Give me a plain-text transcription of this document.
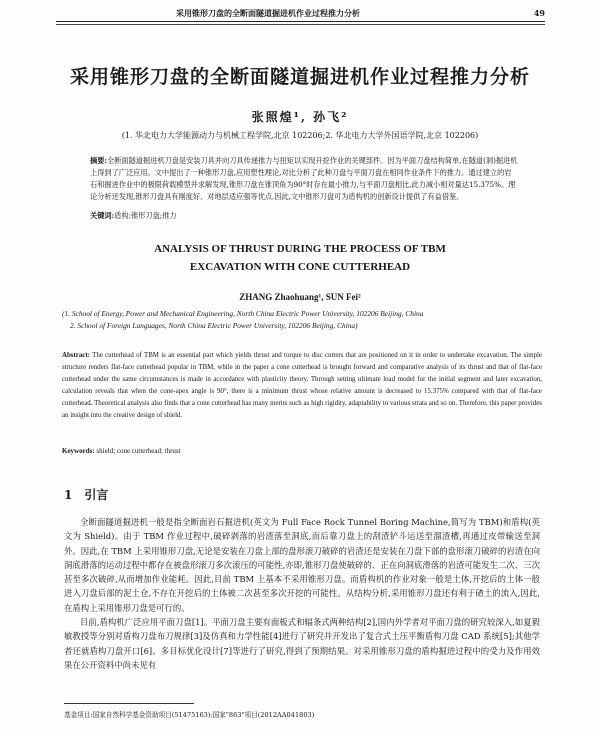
采用锥形刀盘的全断面隧道掘进机作业过程推力分析	49
采用锥形刀盘的全断面隧道掘进机作业过程推力分析
张照煌¹, 孙飞²
(1. 华北电力大学能源动力与机械工程学院,北京 102206;2. 华北电力大学外国语学院,北京 102206)
摘要:全断面隧道掘进机刀盘是安装刀具并向刀具传递推力与扭矩以实现开挖作业的关键部件。因为平面刀盘结构简单,在隧道(洞)掘进机上得到了广泛应用。文中提出了一种锥形刀盘,应用塑性理论,对比分析了此种刀盘与平面刀盘在相同作业条件下的推力。通过建立的岩石和掘进作业中的极限荷载模型并求解发现,锥形刀盘在锥顶角为90°时存在最小推力,与平面刀盘相比,此力减小相对量达15.375%。理论分析还发现,锥形刀盘具有刚度好、对地层适应强等优点,因此,文中锥形刀盘可为盾构机的创新设计提供了有益借鉴。
关键词:盾构;锥形刀盘;推力
ANALYSIS OF THRUST DURING THE PROCESS OF TBM
EXCAVATION WITH CONE CUTTERHEAD
ZHANG Zhaohuang¹, SUN Fei²
(1. School of Energy, Power and Mechanical Engineering, North China Electric Power University, 102206 Beijing, China
2. School of Foreign Languages, North China Electric Power University, 102206 Beijing, China)
Abstract: The cutterhead of TBM is an essential part which yields thrust and torque to disc cutters that are positioned on it in order to undertake excavation. The simple structure renders flat-face cutterhead popular in TBM, while in the paper a cone cutterhead is brought forward and comparative analysis of its thrust and that of flat-face cutterhead under the same circumstances is made in accordance with plasticity theory. Through setting ultimate load model for the initial segment and later excavation, calculation reveals that when the cone-apex angle is 90°, there is a minimum thrust whose relative amount is decreased to 15.375% compared with that of flat-face cutterhead. Theoretical analysis also finds that a cone cutterhead has many merits such as high rigidity, adaptability to various strata and so on. Therefore, this paper provides an insight into the creative design of shield.
Keywords: shield; cone cutterhead; thrust
1 引言

全断面隧道掘进机一般是指全断面岩石掘进机(英文为 Full Face Rock Tunnel Boring Machine,简写为 TBM)和盾构(英文为 Shield)。由于 TBM 作业过程中,破碎剥落的岩渣落至洞底,而后靠刀盘上的刮渣铲斗运送至溜渣槽,再通过皮带输送至洞外。因此,在 TBM 上采用锥形刀盘,无论是安装在刀盘上部的盘形滚刀破碎的岩渣还是安装在刀盘下部的盘形滚刀破碎的岩渣在向洞底滑落的运动过程中都存在被盘形滚刀多次滚压的可能性,亦即,锥形刀盘使破碎的、正在向洞底滑落的岩渣可能发生二次、三次甚至多次破碎,从而增加作业能耗。因此,目前 TBM 上基本不采用锥形刀盘。而盾构机的作业对象一般是土体,开挖后的土体一般进入刀盘后部的泥土仓,不存在开挖后的土体被二次甚至多次开挖的可能性。从结构分析,采用锥形刀盘还有利于碴土的流入,因此,在盾构上采用锥形刀盘是可行的。

目前,盾构机广泛应用平面刀盘[1]。平面刀盘主要有面板式和辐条式两种结构[2],国内外学者对平面刀盘的研究较深入,如夏毅敏教授等分别对盾构刀盘布刀规律[3]及仿真和力学性能[4]进行了研究并开发出了复合式土压平衡盾构刀盘 CAD 系统[5];其他学者还就盾构刀盘开口[6]、多目标优化设计[7]等进行了研究,得到了预期结果。对采用锥形刀盘的盾构掘进过程中的受力及作用效果在公开资料中尚未见有

基金项目:国家自然科学基金资助项目(51475163);国家"863"项目(2012AA041803)
